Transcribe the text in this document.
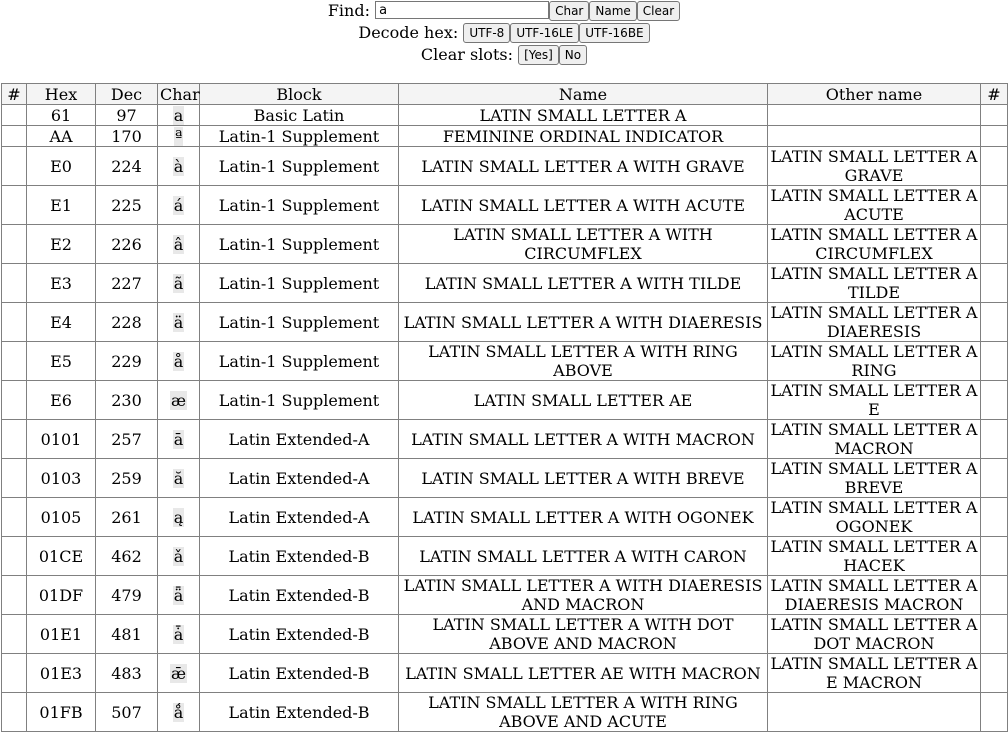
Find: a	Char Name Clear
Decode hex: UTF-8 UTF-16LE UTF-16BE
Clear slots: [Yes] No
#	Hex	Dec	Char	Block	Name	Other name	#
	61	97	a	Basic Latin	LATIN SMALL LETTER A		
	AA	170	ª	Latin-1 Supplement	FEMININE ORDINAL INDICATOR		
	E0	224	à	Latin-1 Supplement	LATIN SMALL LETTER A WITH GRAVE	LATIN SMALL LETTER A GRAVE	
	E1	225	á	Latin-1 Supplement	LATIN SMALL LETTER A WITH ACUTE	LATIN SMALL LETTER A ACUTE	
	E2	226	â	Latin-1 Supplement	LATIN SMALL LETTER A WITH CIRCUMFLEX	LATIN SMALL LETTER A CIRCUMFLEX	
	E3	227	ã	Latin-1 Supplement	LATIN SMALL LETTER A WITH TILDE	LATIN SMALL LETTER A TILDE	
	E4	228	ä	Latin-1 Supplement	LATIN SMALL LETTER A WITH DIAERESIS	LATIN SMALL LETTER A DIAERESIS	
	E5	229	å	Latin-1 Supplement	LATIN SMALL LETTER A WITH RING ABOVE	LATIN SMALL LETTER A RING	
	E6	230	æ	Latin-1 Supplement	LATIN SMALL LETTER AE	LATIN SMALL LETTER A E	
	0101	257	ā	Latin Extended-A	LATIN SMALL LETTER A WITH MACRON	LATIN SMALL LETTER A MACRON	
	0103	259	ă	Latin Extended-A	LATIN SMALL LETTER A WITH BREVE	LATIN SMALL LETTER A BREVE	
	0105	261	ą	Latin Extended-A	LATIN SMALL LETTER A WITH OGONEK	LATIN SMALL LETTER A OGONEK	
	01CE	462	ǎ	Latin Extended-B	LATIN SMALL LETTER A WITH CARON	LATIN SMALL LETTER A HACEK	
	01DF	479	ǟ	Latin Extended-B	LATIN SMALL LETTER A WITH DIAERESIS AND MACRON	LATIN SMALL LETTER A DIAERESIS MACRON	
	01E1	481	ǡ	Latin Extended-B	LATIN SMALL LETTER A WITH DOT ABOVE AND MACRON	LATIN SMALL LETTER A DOT MACRON	
	01E3	483	ǣ	Latin Extended-B	LATIN SMALL LETTER AE WITH MACRON	LATIN SMALL LETTER A E MACRON	
	01FB	507	ǻ	Latin Extended-B	LATIN SMALL LETTER A WITH RING ABOVE AND ACUTE		
